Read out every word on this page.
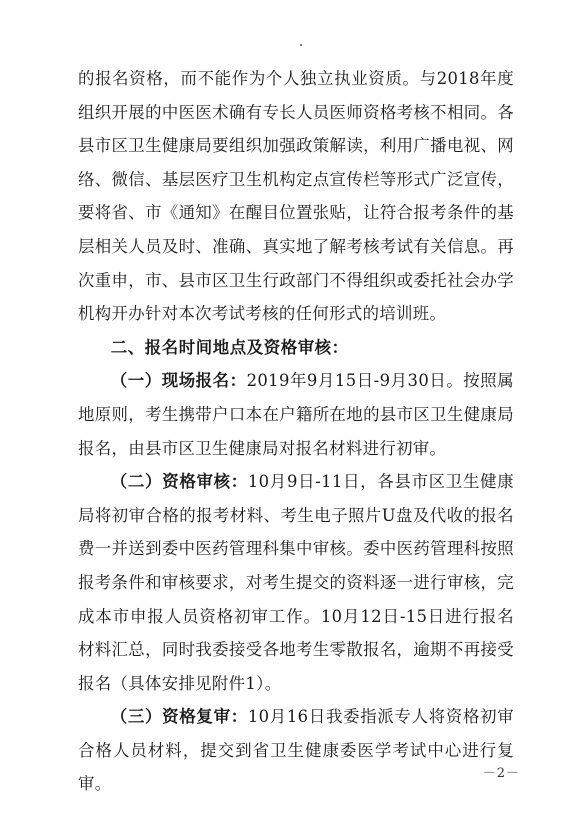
的报名资格，而不能作为个人独立执业资质。与2018年度组织开展的中医医术确有专长人员医师资格考核不相同。各县市区卫生健康局要组织加强政策解读，利用广播电视、网络、微信、基层医疗卫生机构定点宣传栏等形式广泛宣传，要将省、市《通知》在醒目位置张贴，让符合报考条件的基层相关人员及时、准确、真实地了解考核考试有关信息。再次重申，市、县市区卫生行政部门不得组织或委托社会办学机构开办针对本次考试考核的任何形式的培训班。

二、报名时间地点及资格审核：

（一）现场报名：2019年9月15日-9月30日。按照属地原则，考生携带户口本在户籍所在地的县市区卫生健康局报名，由县市区卫生健康局对报名材料进行初审。

（二）资格审核：10月9日-11日，各县市区卫生健康局将初审合格的报考材料、考生电子照片U盘及代收的报名费一并送到委中医药管理科集中审核。委中医药管理科按照报考条件和审核要求，对考生提交的资料逐一进行审核，完成本市申报人员资格初审工作。10月12日-15日进行报名材料汇总，同时我委接受各地考生零散报名，逾期不再接受报名（具体安排见附件1）。

（三）资格复审：10月16日我委指派专人将资格初审合格人员材料，提交到省卫生健康委医学考试中心进行复审。

－2－
